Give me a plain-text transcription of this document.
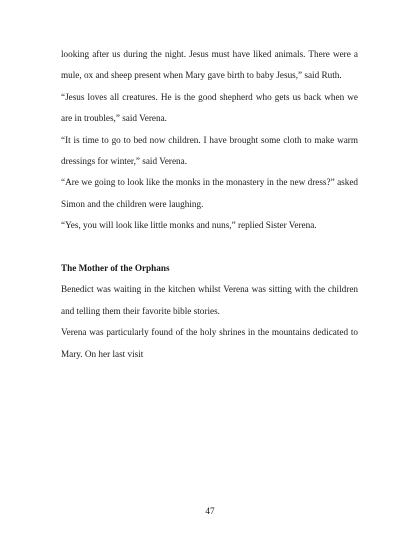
looking after us during the night. Jesus must have liked animals. There were a mule, ox and sheep present when Mary gave birth to baby Jesus,” said Ruth.

“Jesus loves all creatures. He is the good shepherd who gets us back when we are in troubles,” said Verena.

“It is time to go to bed now children. I have brought some cloth to make warm dressings for winter,” said Verena.

“Are we going to look like the monks in the monastery in the new dress?” asked Simon and the children were laughing.

“Yes, you will look like little monks and nuns,” replied Sister Verena.

The Mother of the Orphans

Benedict was waiting in the kitchen whilst Verena was sitting with the children and telling them their favorite bible stories.

Verena was particularly found of the holy shrines in the mountains dedicated to Mary. On her last visit

47
